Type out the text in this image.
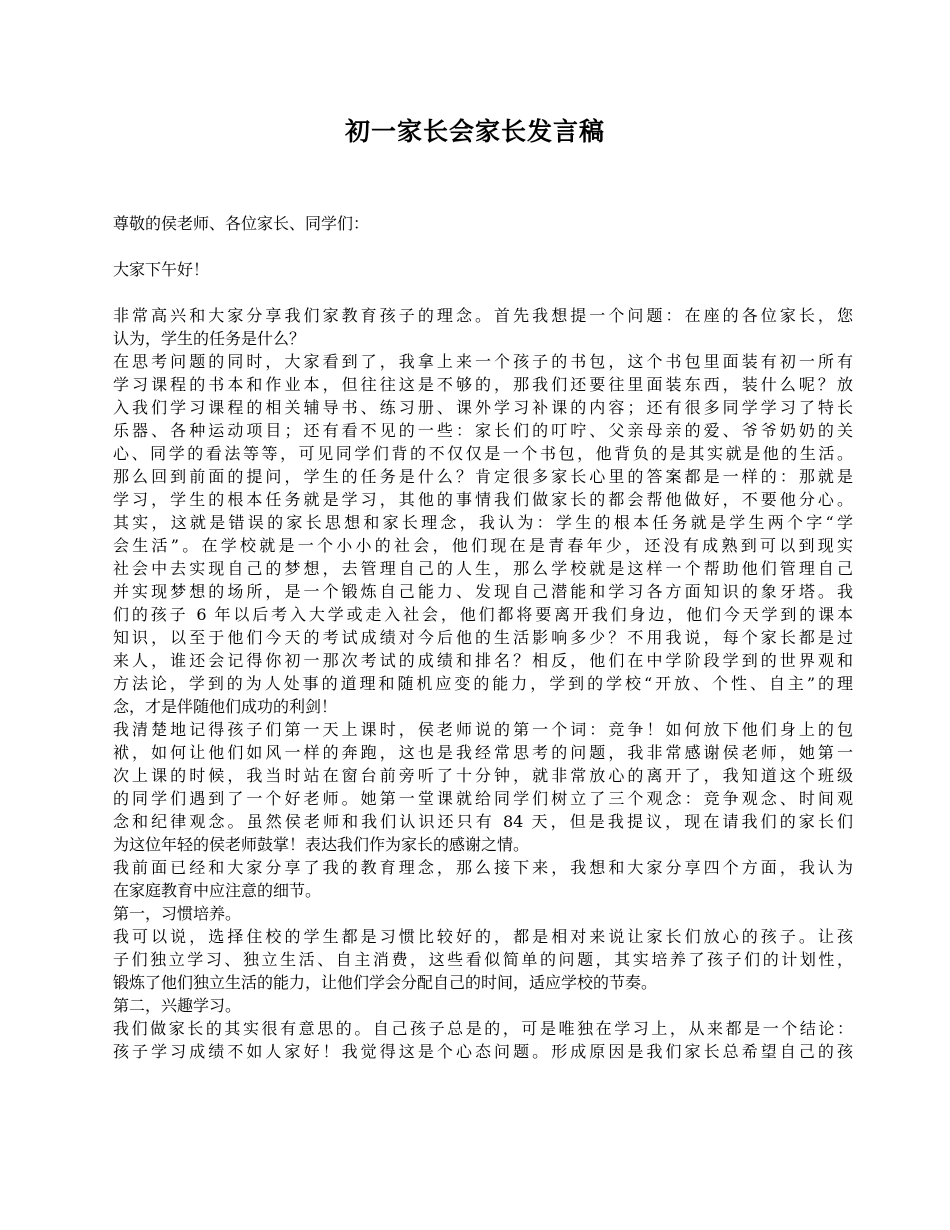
初一家长会家长发言稿
尊敬的侯老师、各位家长、同学们：
大家下午好！
非常高兴和大家分享我们家教育孩子的理念。首先我想提一个问题：在座的各位家长，您
认为，学生的任务是什么？
在思考问题的同时，大家看到了，我拿上来一个孩子的书包，这个书包里面装有初一所有
学习课程的书本和作业本，但往往这是不够的，那我们还要往里面装东西，装什么呢？放
入我们学习课程的相关辅导书、练习册、课外学习补课的内容；还有很多同学学习了特长
乐器、各种运动项目；还有看不见的一些：家长们的叮咛、父亲母亲的爱、爷爷奶奶的关
心、同学的看法等等，可见同学们背的不仅仅是一个书包，他背负的是其实就是他的生活。
那么回到前面的提问，学生的任务是什么？肯定很多家长心里的答案都是一样的：那就是
学习，学生的根本任务就是学习，其他的事情我们做家长的都会帮他做好，不要他分心。
其实，这就是错误的家长思想和家长理念，我认为：学生的根本任务就是学生两个字“学
会生活”。在学校就是一个小小的社会，他们现在是青春年少，还没有成熟到可以到现实
社会中去实现自己的梦想，去管理自己的人生，那么学校就是这样一个帮助他们管理自己
并实现梦想的场所，是一个锻炼自己能力、发现自己潜能和学习各方面知识的象牙塔。我
们的孩子 6 年以后考入大学或走入社会，他们都将要离开我们身边，他们今天学到的课本
知识，以至于他们今天的考试成绩对今后他的生活影响多少？不用我说，每个家长都是过
来人，谁还会记得你初一那次考试的成绩和排名？相反，他们在中学阶段学到的世界观和
方法论，学到的为人处事的道理和随机应变的能力，学到的学校“开放、个性、自主”的理
念，才是伴随他们成功的利剑！
我清楚地记得孩子们第一天上课时，侯老师说的第一个词：竞争！如何放下他们身上的包
袱，如何让他们如风一样的奔跑，这也是我经常思考的问题，我非常感谢侯老师，她第一
次上课的时候，我当时站在窗台前旁听了十分钟，就非常放心的离开了，我知道这个班级
的同学们遇到了一个好老师。她第一堂课就给同学们树立了三个观念：竞争观念、时间观
念和纪律观念。虽然侯老师和我们认识还只有 84 天，但是我提议，现在请我们的家长们
为这位年轻的侯老师鼓掌！表达我们作为家长的感谢之情。
我前面已经和大家分享了我的教育理念，那么接下来，我想和大家分享四个方面，我认为
在家庭教育中应注意的细节。
第一，习惯培养。
我可以说，选择住校的学生都是习惯比较好的，都是相对来说让家长们放心的孩子。让孩
子们独立学习、独立生活、自主消费，这些看似简单的问题，其实培养了孩子们的计划性，
锻炼了他们独立生活的能力，让他们学会分配自己的时间，适应学校的节奏。
第二，兴趣学习。
我们做家长的其实很有意思的。自己孩子总是的，可是唯独在学习上，从来都是一个结论：
孩子学习成绩不如人家好！我觉得这是个心态问题。形成原因是我们家长总希望自己的孩
